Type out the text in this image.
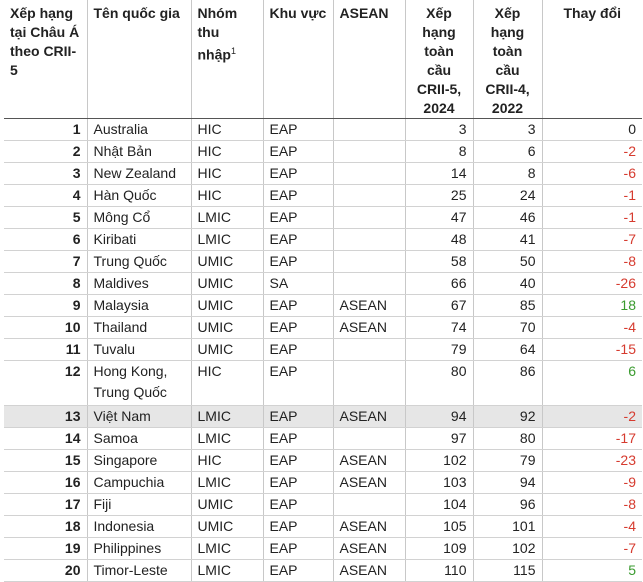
Xếp hạng tại Châu Á theo CRII-5	Tên quốc gia	Nhóm thu nhập$^1$	Khu vực	ASEAN	Xếp hạng toàn cầu CRII-5, 2024	Xếp hạng toàn cầu CRII-4, 2022	Thay đổi
1	Australia	HIC	EAP		3	3	0
2	Nhật Bản	HIC	EAP		8	6	-2
3	New Zealand	HIC	EAP		14	8	-6
4	Hàn Quốc	HIC	EAP		25	24	-1
5	Mông Cổ	LMIC	EAP		47	46	-1
6	Kiribati	LMIC	EAP		48	41	-7
7	Trung Quốc	UMIC	EAP		58	50	-8
8	Maldives	UMIC	SA		66	40	-26
9	Malaysia	UMIC	EAP	ASEAN	67	85	18
10	Thailand	UMIC	EAP	ASEAN	74	70	-4
11	Tuvalu	UMIC	EAP		79	64	-15
12	Hong Kong, Trung Quốc	HIC	EAP		80	86	6
13	Việt Nam	LMIC	EAP	ASEAN	94	92	-2
14	Samoa	LMIC	EAP		97	80	-17
15	Singapore	HIC	EAP	ASEAN	102	79	-23
16	Campuchia	LMIC	EAP	ASEAN	103	94	-9
17	Fiji	UMIC	EAP		104	96	-8
18	Indonesia	UMIC	EAP	ASEAN	105	101	-4
19	Philippines	LMIC	EAP	ASEAN	109	102	-7
20	Timor-Leste	LMIC	EAP	ASEAN	110	115	5
